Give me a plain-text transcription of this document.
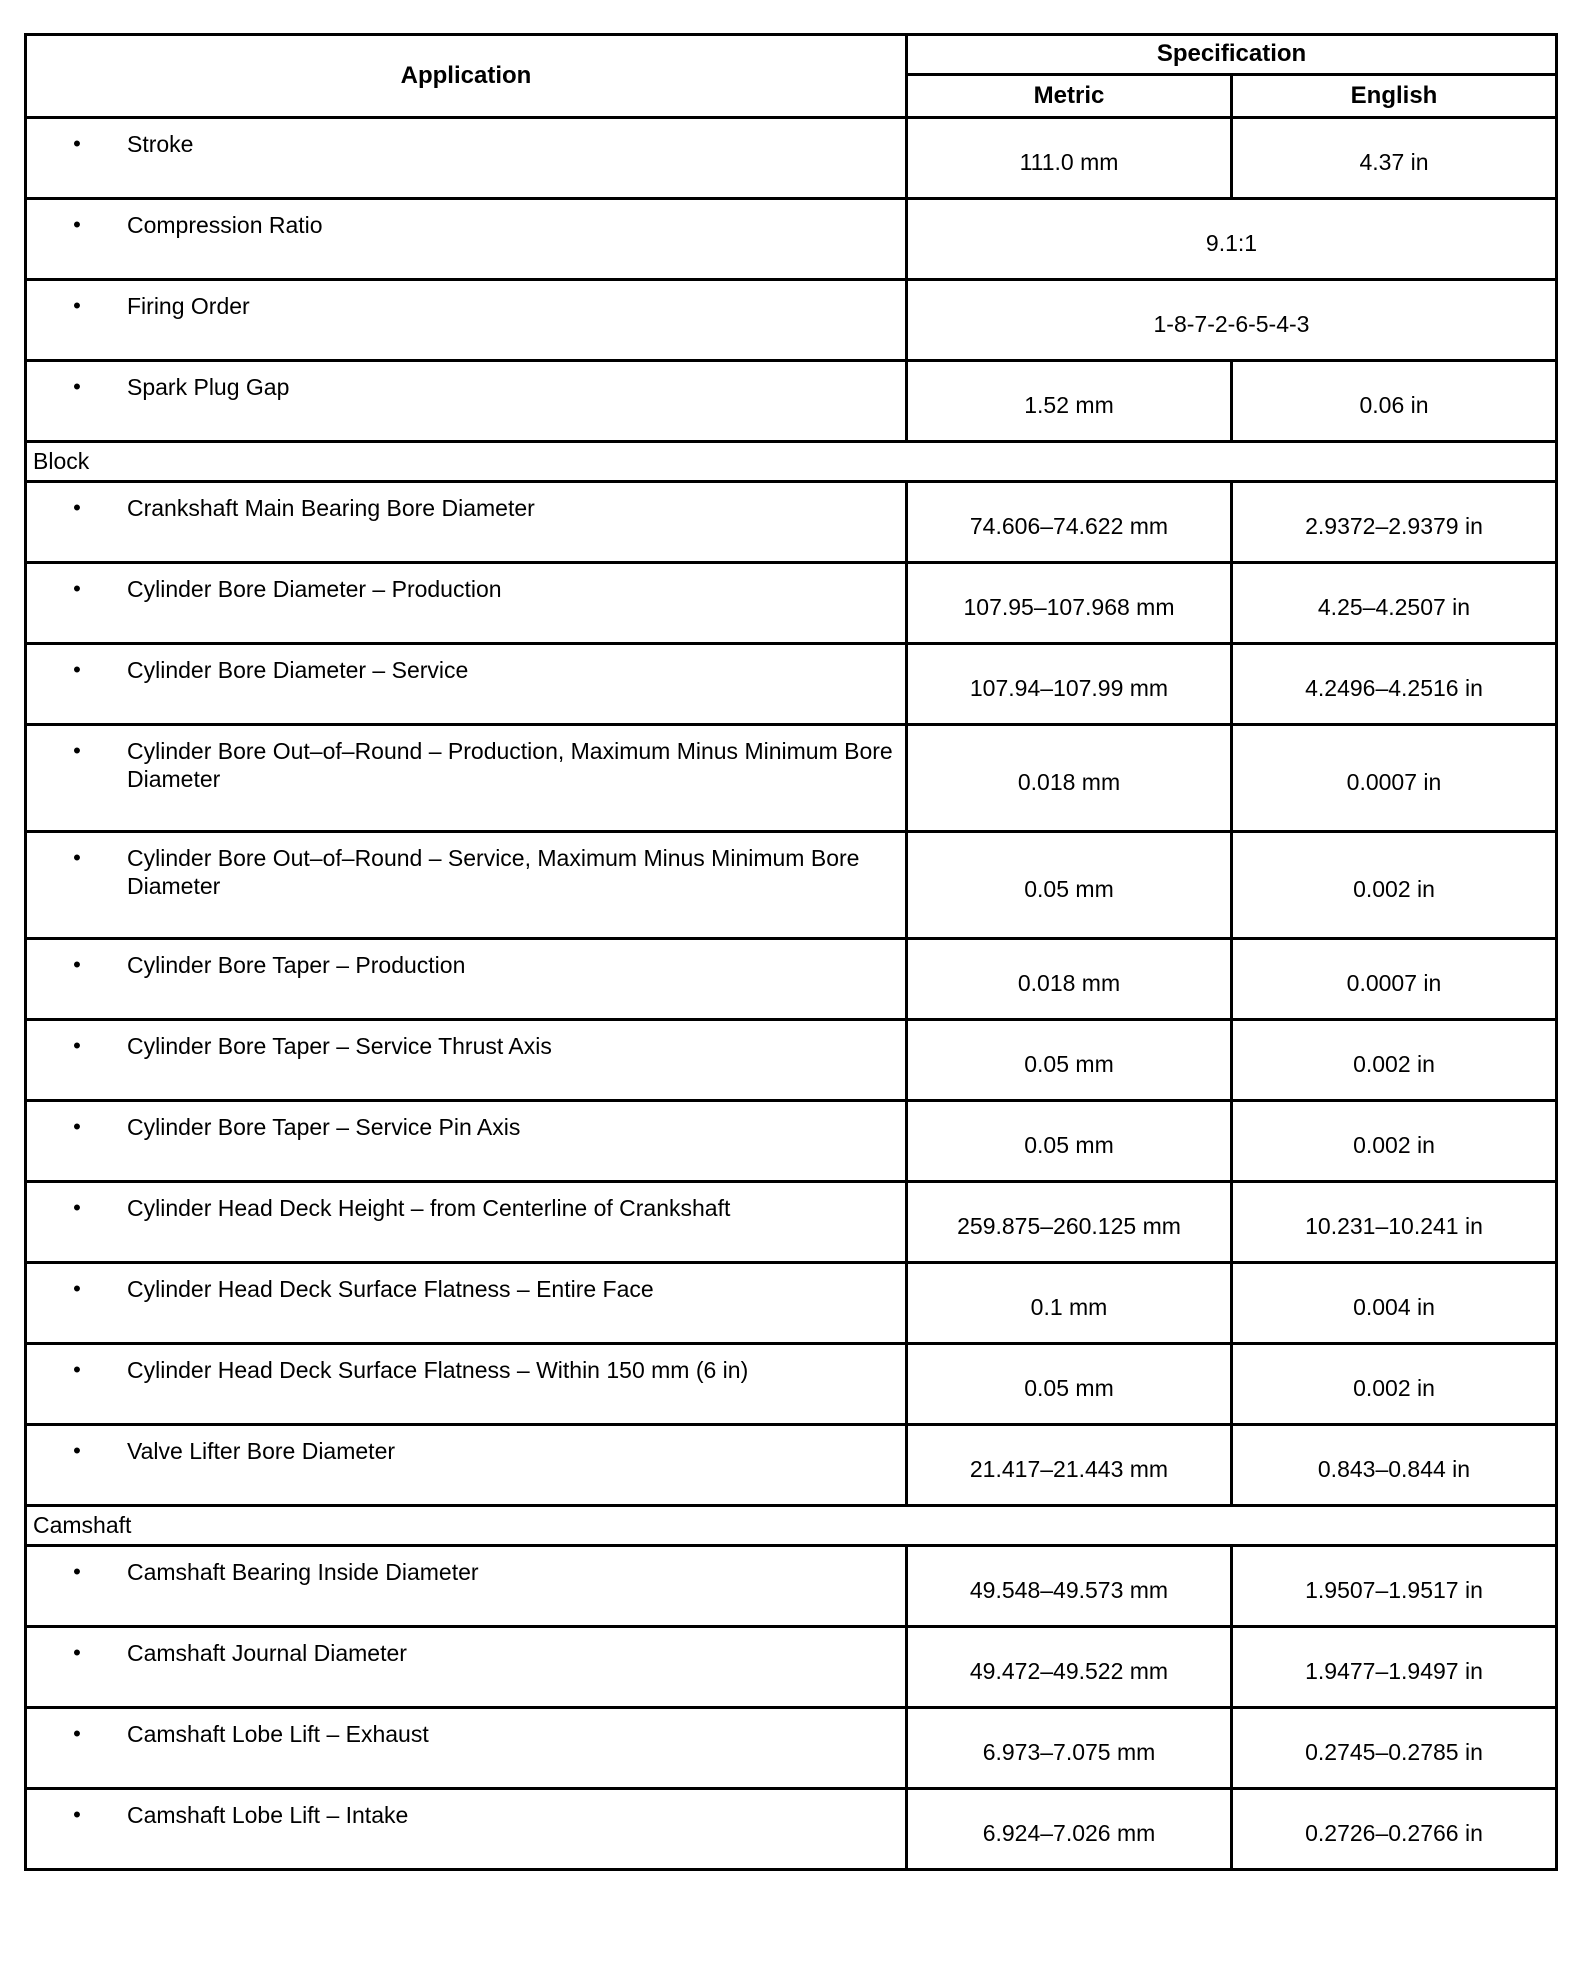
Application	Specification	
	Metric	English

• Stroke	111.0 mm	4.37 in

• Compression Ratio	9.1:1	

• Firing Order	1-8-7-2-6-5-4-3	

• Spark Plug Gap	1.52 mm	0.06 in
Block		

• Crankshaft Main Bearing Bore Diameter	74.606–74.622 mm	2.9372–2.9379 in

• Cylinder Bore Diameter – Production	107.95–107.968 mm	4.25–4.2507 in

• Cylinder Bore Diameter – Service	107.94–107.99 mm	4.2496–4.2516 in

• Cylinder Bore Out–of–Round – Production, Maximum Minus Minimum Bore Diameter	0.018 mm	0.0007 in

• Cylinder Bore Out–of–Round – Service, Maximum Minus Minimum Bore Diameter	0.05 mm	0.002 in

• Cylinder Bore Taper – Production	0.018 mm	0.0007 in

• Cylinder Bore Taper – Service Thrust Axis	0.05 mm	0.002 in

• Cylinder Bore Taper – Service Pin Axis	0.05 mm	0.002 in

• Cylinder Head Deck Height – from Centerline of Crankshaft	259.875–260.125 mm	10.231–10.241 in

• Cylinder Head Deck Surface Flatness – Entire Face	0.1 mm	0.004 in

• Cylinder Head Deck Surface Flatness – Within 150 mm (6 in)	0.05 mm	0.002 in

• Valve Lifter Bore Diameter	21.417–21.443 mm	0.843–0.844 in
Camshaft		

• Camshaft Bearing Inside Diameter	49.548–49.573 mm	1.9507–1.9517 in

• Camshaft Journal Diameter	49.472–49.522 mm	1.9477–1.9497 in

• Camshaft Lobe Lift – Exhaust	6.973–7.075 mm	0.2745–0.2785 in

• Camshaft Lobe Lift – Intake	6.924–7.026 mm	0.2726–0.2766 in
